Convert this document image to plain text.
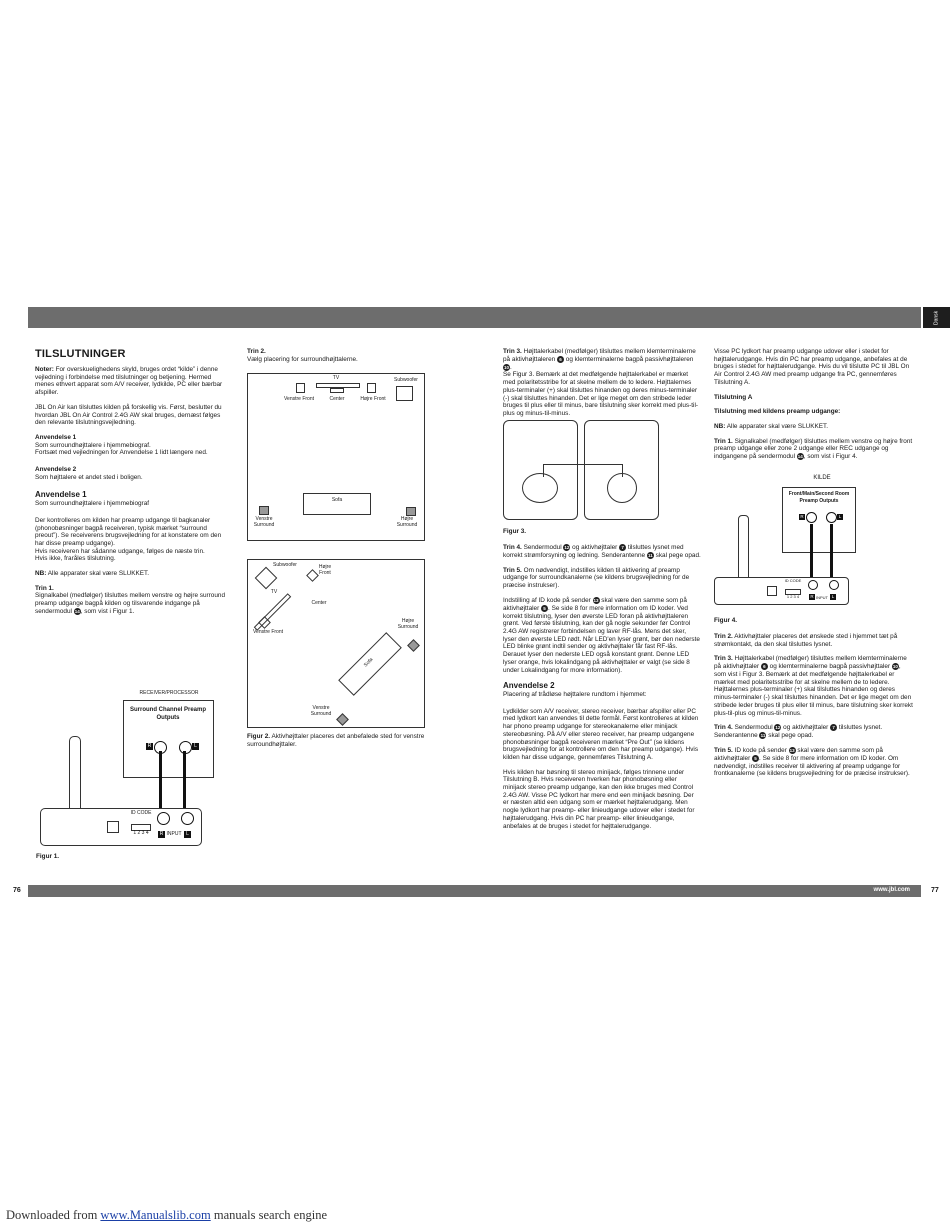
Dansk
76	77
www.jbl.com
TILSLUTNINGER

Noter: For overskuelighedens skyld, bruges ordet “kilde” i denne vejledning i forbindelse med tilslutninger og betjening. Hermed menes ethvert apparat som A/V receiver, lydkilde, PC eller bærbar afspiller.

JBL On Air kan tilsluttes kilden på forskellig vis. Først, beslutter du hvordan JBL On Air Control 2.4G AW skal bruges, dernæst følges den relevante tilslutningsvejledning.

Anvendelse 1
Som surroundhøjttalere i hjemmebiograf.
Fortsæt med vejledningen for Anvendelse 1 lidt længere ned.

Anvendelse 2
Som højttalere et andet sted i boligen.

Anvendelse 1
Som surroundhøjttalere i hjemmebiograf

Der kontrolleres om kilden har preamp udgange til bagkanaler (phonobøsninger bagpå receiveren, typisk mærket “surround preout”). Se receiverens brugsvejledning for at konstatere om den har disse preamp udgange).

Hvis receiveren har sådanne udgange, følges de næste trin.

Hvis ikke, fraråles tilslutning.

NB: Alle apparater skal være SLUKKET.

Trin 1.
Signalkabel (medfølger) tilsluttes mellem venstre og højre surround preamp udgange bagpå kilden og tilsvarende indgange på sendermodul 14, som vist i Figur 1.

RECEIVER/PROCESSOR
Surround Channel Preamp Outputs
R	L
ID CODE
1 2 3 4	R INPUT L
Figur 1.

Trin 2.
Vælg placering for surroundhøjttalerne.

TV	Subwoofer
Venstre Front	Center	Højre Front
Sofa
Venstre Surround
Højre Surround
Subwoofer	Højre Front
TV
Center
Venstre Front
Højre Surround
Sofa
Venstre Surround
Figur 2. Aktivhøjttaler placeres det anbefalede sted for venstre surroundhøjttaler.

Trin 3. Højttalerkabel (medfølger) tilsluttes mellem klemterminalerne på aktivhøjttaleren 6 og klemterminalerne bagpå passivhøjttaleren 10.

Se Figur 3. Bemærk at det medfølgende højttalerkabel er mærket med polaritetsstribe for at skelne mellem de to ledere. Højttalernes plus-terminaler (+) skal tilsluttes hinanden og deres minus-terminaler (-) skal tilsluttes hinanden. Det er lige meget om den stribede leder bruges til plus eller til minus, bare tilslutning sker korrekt med plus-til-plus og minus-til-minus.

Figur 3.

Trin 4. Sendermodul 12 og aktivhøjttaler 7 tilsluttes lysnet med korrekt strømforsyning og ledning. Senderantenne 11 skal pege opad.

Trin 5. Om nødvendigt, indstilles kilden til aktivering af preamp udgange for surroundkanalerne (se kildens brugsvejledning for de præcise instrukser).

Indstilling af ID kode på sender 13 skal være den samme som på aktivhøjttaler 5 . Se side 8 for mere information om ID koder. Ved korrekt tilslutning, lyser den øverste LED foran på aktivhøjttaleren grønt. Ved første tilslutning, kan der gå nogle sekunder før Control 2.4G AW registrerer forbindelsen og laver RF-lås. Mens det sker, lyser den øverste LED rødt. Når LED'en lyser grønt, bør den nederste LED blinke grønt indtil sender og aktivhøjttaler får fast RF-lås. Derauet lyser den nederste LED også konstant grønt. Denne LED lyser orange, hvis lokalindgang på aktivhøjttaler er valgt (se side 8 under Lokalindgang for more information).

Anvendelse 2
Placering af trådløse højttalere rundtom i hjemmet:

Lydkilder som A/V receiver, stereo receiver, bærbar afspiller eller PC med lydkort kan anvendes til dette formål. Først kontrolleres at kilden har phono preamp udgange for stereokanalerne eller minijack stereobøsning. På A/V eller stereo receiver, har preamp udgangene phonobøsninger bagpå receiveren mærket “Pre Out” (se kildens brugsvejledning for at kontrollere om den har preamp udgange). Hvis kilden har disse udgange, gennemføres Tilslutning A.

Hvis kilden har bøsning til stereo minijack, følges trinnene under Tilslutning B. Hvis receiveren hverken har phonobøsning eller minijack stereo preamp udgange, kan den ikke bruges med Control 2.4G AW. Visse PC lydkort har mere end een minijack bøsning. Der er næsten altid een udgang som er mærket højttalerudgang. Men nogle lydkort har preamp- eller linieudgange udover eller i stedet for højttalerudgang. Hvis din PC har preamp- eller linieudgange, anbefales at de bruges i stedet for højttalerudgange.

Visse PC lydkort har preamp udgange udover eller i stedet for højttalerudgange. Hvis din PC har preamp udgange, anbefales at de bruges i stedet for højttalerudgange. Hvis du vil tilslutte PC til JBL On Air Control 2.4G AW med preamp udgange fra PC, gennemføres Tilslutning A.

Tilslutning A

Tilslutning med kildens preamp udgange:

NB: Alle apparater skal være SLUKKET.

Trin 1. Signalkabel (medfølger) tilsluttes mellem venstre og højre front preamp udgange eller zone 2 udgange eller REC udgange og indgangene på sendermodul 14, som vist i Figur 4.

KILDE
Front/Main/Second Room Preamp Outputs
R	L
ID CODE
1 2 3 4	R INPUT L
Figur 4.

Trin 2. Aktivhøjttaler placeres det ønskede sted i hjemmet tæt på strømkontakt, da den skal tilsluttes lysnet.

Trin 3. Højttalerkabel (medfølger) tilsluttes mellem klemterminalerne på aktivhøjttaler 6 og klemterminalerne bagpå passivhøjttaler 10, som vist i Figur 3. Bemærk at det medfølgende højttalerkabel er mærket med polaritetsstribe for at skelne mellem de to ledere. Højttalernes plus-terminaler (+) skal tilsluttes hinanden og deres minus-terminaler (-) skal tilsluttes hinanden. Det er lige meget om den stribede leder bruges til plus eller til minus, bare tilslutning sker korrekt plus-til-plus og minus-til-minus.

Trin 4. Sendermodul 12 og aktivhøjttaler 7 tilsluttes lysnet. Senderantenne 11 skal pege opad.

Trin 5. ID kode på sender 13 skal være den samme som på aktivhøjttaler 5 . Se side 8 for mere information om ID koder. Om nødvendigt, indstilles receiver til aktivering af preamp udgange for frontkanalerne (se kildens brugsvejledning for de præcise instrukser).

Downloaded from www.Manualslib.com manuals search engine
